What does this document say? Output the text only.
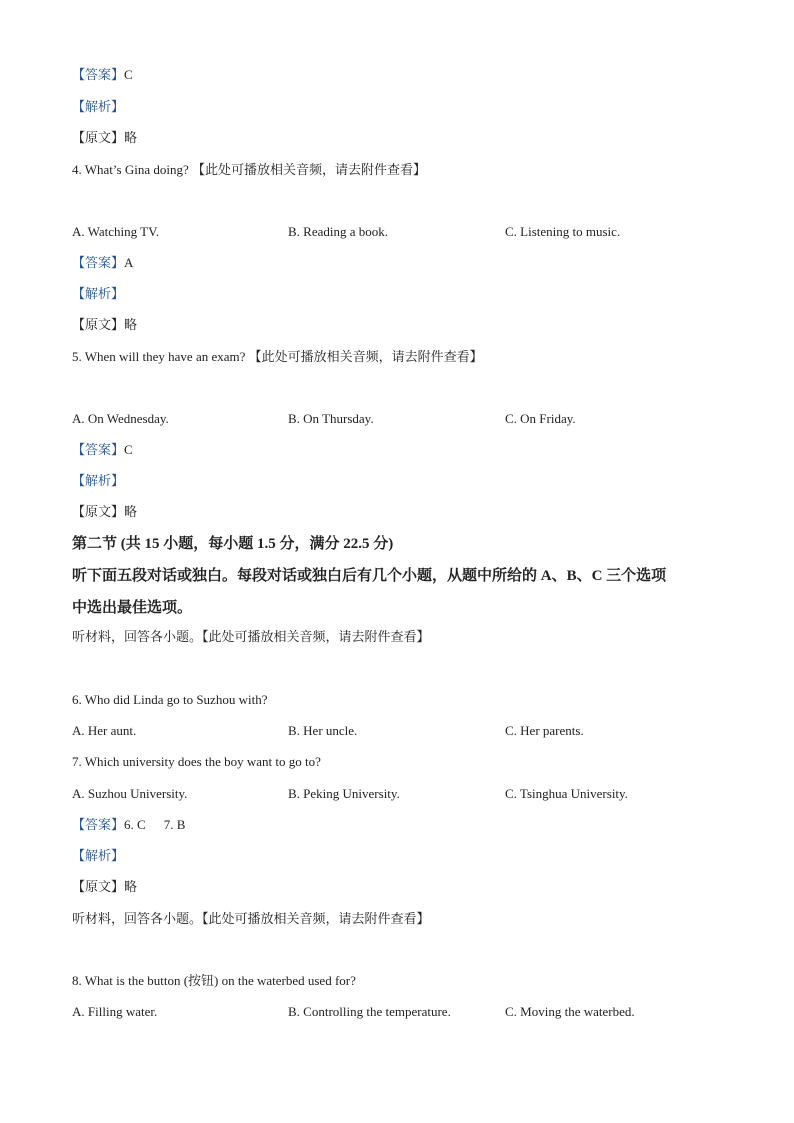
【答案】C
【解析】
【原文】略
4. What’s Gina doing? 【此处可播放相关音频，请去附件查看】
A. Watching TV.	B. Reading a book.	C. Listening to music.
【答案】A
【解析】
【原文】略
5. When will they have an exam? 【此处可播放相关音频，请去附件查看】
A. On Wednesday.	B. On Thursday.	C. On Friday.
【答案】C
【解析】
【原文】略
第二节 (共 15 小题，每小题 1.5 分，满分 22.5 分)
听下面五段对话或独白。每段对话或独白后有几个小题，从题中所给的 A、B、C 三个选项
中选出最佳选项。
听材料，回答各小题。【此处可播放相关音频，请去附件查看】
6. Who did Linda go to Suzhou with?
A. Her aunt.	B. Her uncle.	C. Her parents.
7. Which university does the boy want to go to?
A. Suzhou University.	B. Peking University.	C. Tsinghua University.
【答案】6. C 7. B
【解析】
【原文】略
听材料，回答各小题。【此处可播放相关音频，请去附件查看】
8. What is the button (按钮) on the waterbed used for?
A. Filling water.	B. Controlling the temperature.	C. Moving the waterbed.
